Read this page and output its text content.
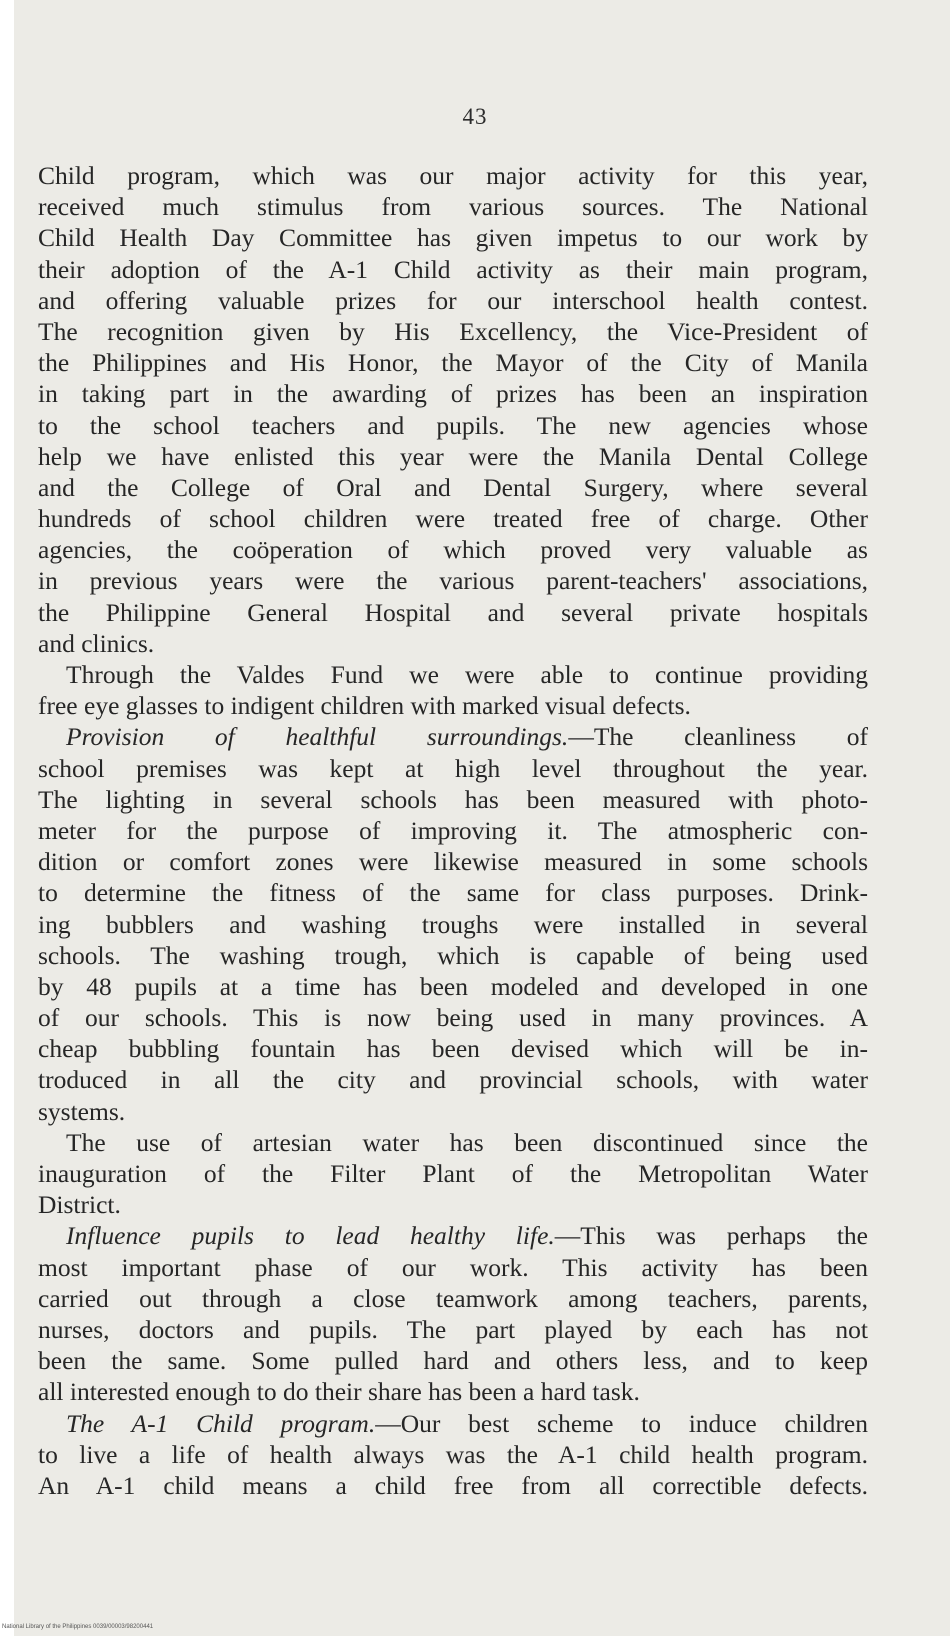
43
Child program, which was our major activity for this year,
received much stimulus from various sources. The National
Child Health Day Committee has given impetus to our work by
their adoption of the A-1 Child activity as their main program,
and offering valuable prizes for our interschool health contest.
The recognition given by His Excellency, the Vice-President of
the Philippines and His Honor, the Mayor of the City of Manila
in taking part in the awarding of prizes has been an inspiration
to the school teachers and pupils. The new agencies whose
help we have enlisted this year were the Manila Dental College
and the College of Oral and Dental Surgery, where several
hundreds of school children were treated free of charge. Other
agencies, the coöperation of which proved very valuable as
in previous years were the various parent-teachers' associations,
the Philippine General Hospital and several private hospitals
and clinics.
Through the Valdes Fund we were able to continue providing
free eye glasses to indigent children with marked visual defects.
Provision of healthful surroundings.—The cleanliness of
school premises was kept at high level throughout the year.
The lighting in several schools has been measured with photo-
meter for the purpose of improving it. The atmospheric con-
dition or comfort zones were likewise measured in some schools
to determine the fitness of the same for class purposes. Drink-
ing bubblers and washing troughs were installed in several
schools. The washing trough, which is capable of being used
by 48 pupils at a time has been modeled and developed in one
of our schools. This is now being used in many provinces. A
cheap bubbling fountain has been devised which will be in-
troduced in all the city and provincial schools, with water
systems.
The use of artesian water has been discontinued since the
inauguration of the Filter Plant of the Metropolitan Water
District.
Influence pupils to lead healthy life.—This was perhaps the
most important phase of our work. This activity has been
carried out through a close teamwork among teachers, parents,
nurses, doctors and pupils. The part played by each has not
been the same. Some pulled hard and others less, and to keep
all interested enough to do their share has been a hard task.
The A-1 Child program.—Our best scheme to induce children
to live a life of health always was the A-1 child health program.
An A-1 child means a child free from all correctible defects.
National Library of the Philippines 0039/00003/98200441
